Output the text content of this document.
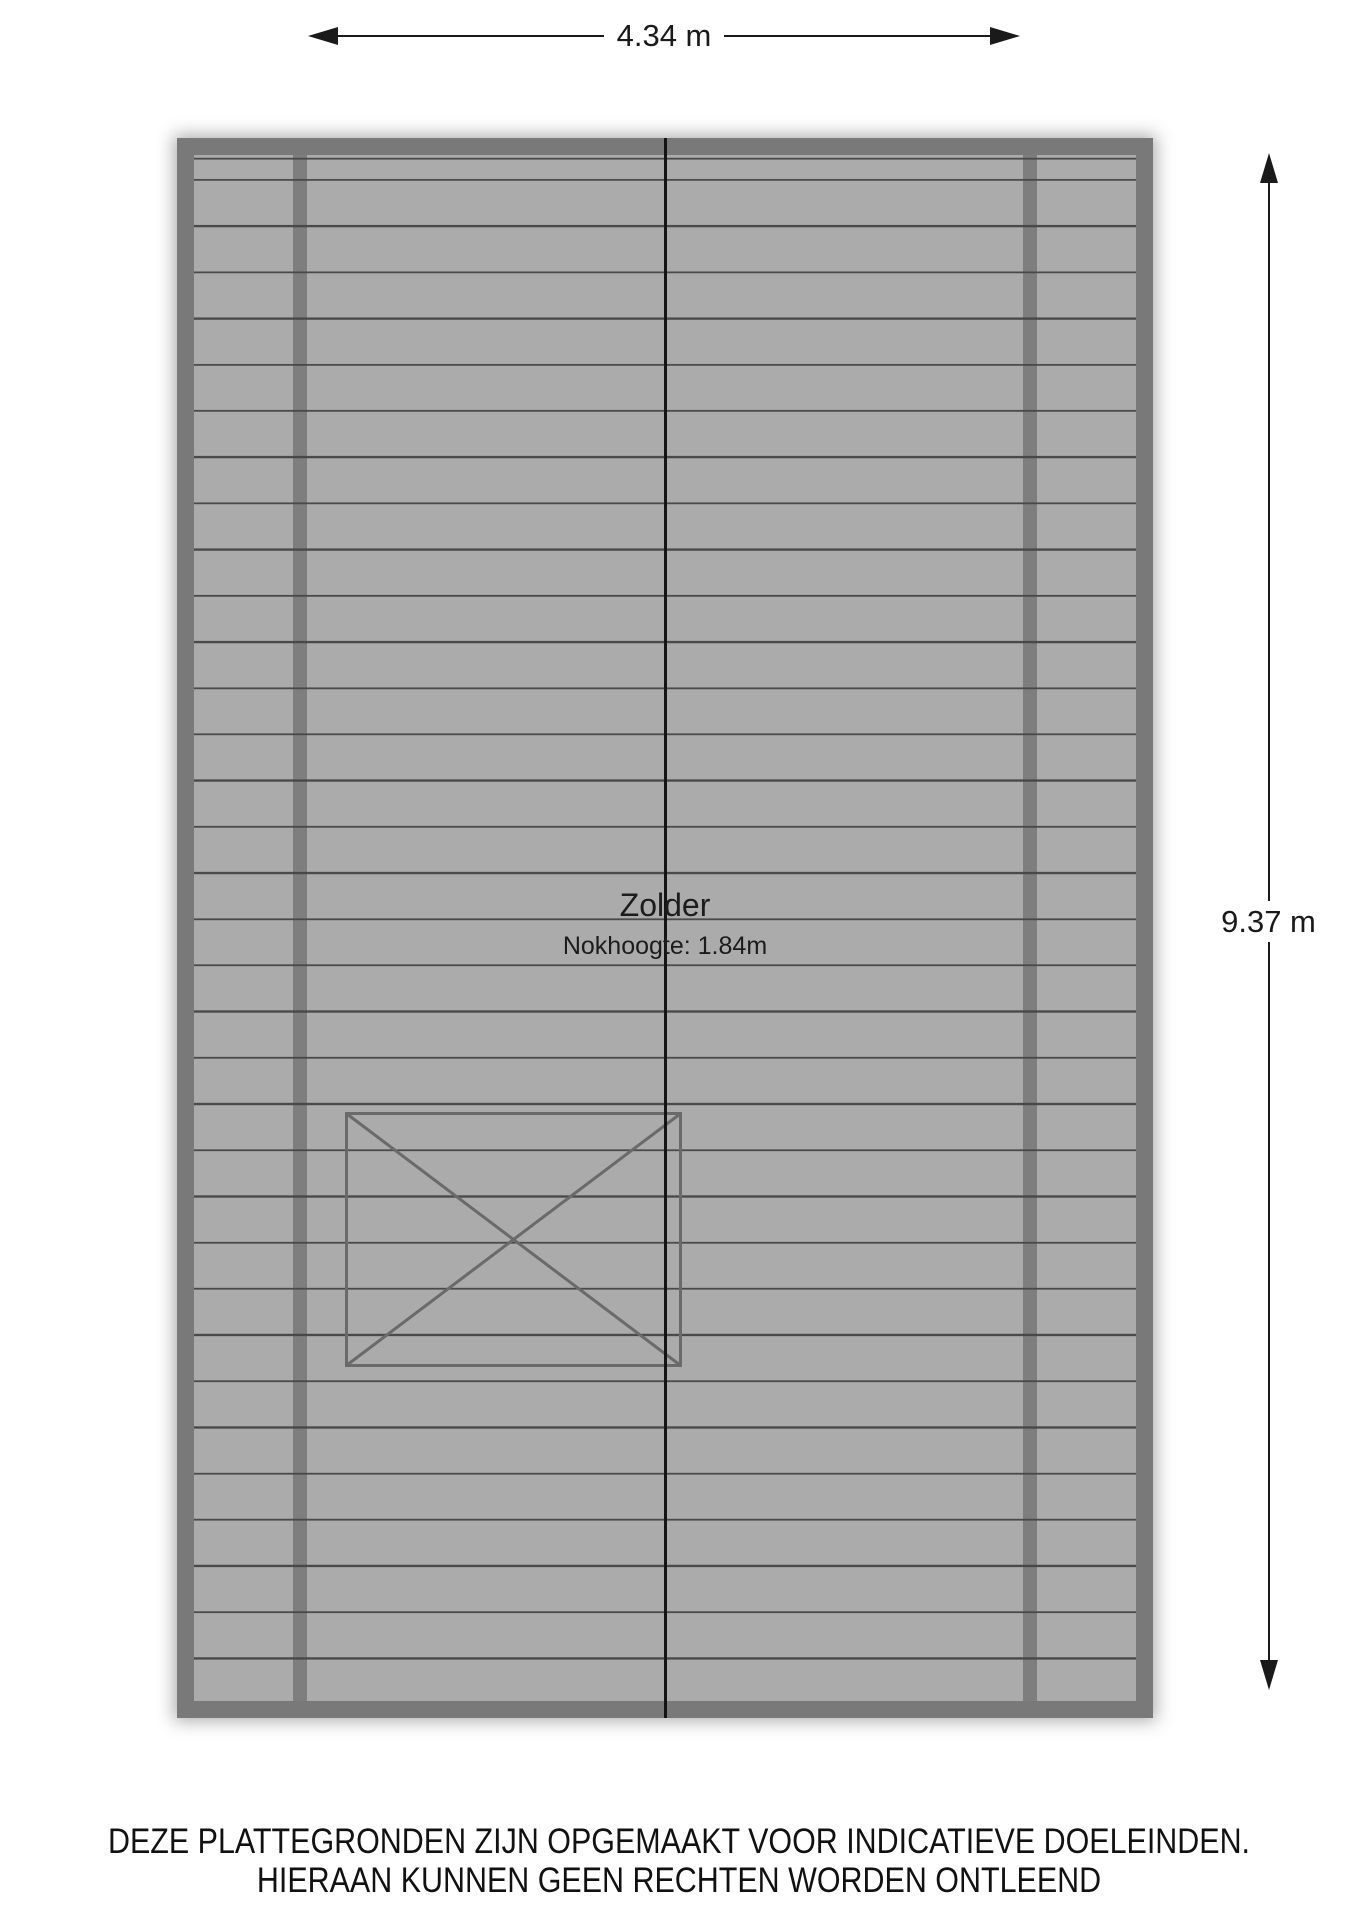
4.34 m
Zolder
Nokhoogte: 1.84m
9.37 m
DEZE PLATTEGRONDEN ZIJN OPGEMAAKT VOOR INDICATIEVE DOELEINDEN.
HIERAAN KUNNEN GEEN RECHTEN WORDEN ONTLEEND
